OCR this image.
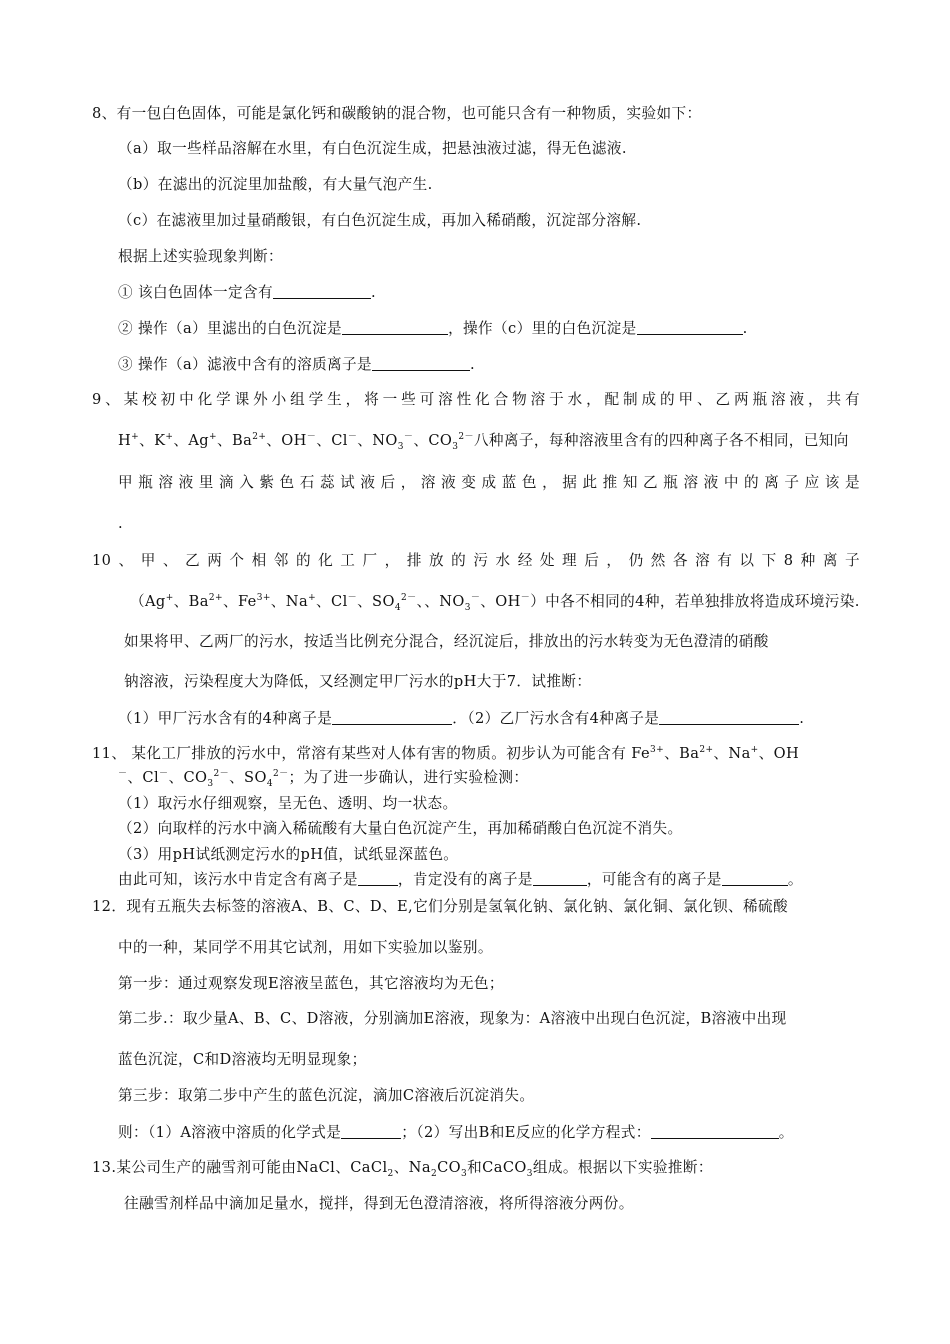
8、有一包白色固体，可能是氯化钙和碳酸钠的混合物，也可能只含有一种物质，实验如下：
（a）取一些样品溶解在水里，有白色沉淀生成，把悬浊液过滤，得无色滤液.
（b）在滤出的沉淀里加盐酸，有大量气泡产生.
（c）在滤液里加过量硝酸银，有白色沉淀生成，再加入稀硝酸，沉淀部分溶解.
根据上述实验现象判断：
① 该白色固体一定含有	.
② 操作（a）里滤出的白色沉淀是	，操作（c）里的白色沉淀是	.
③ 操作（a）滤液中含有的溶质离子是	.
9、某校初中化学课外小组学生，将一些可溶性化合物溶于水，配制成的甲、乙两瓶溶液，共有
H+、K+、Ag+、$Ba^{2+}$、OH－、Cl－、$NO_3^-$、$CO_3^{2-}$八种离子，每种溶液里含有的四种离子各不相同，已知向
甲瓶溶液里滴入紫色石蕊试液后，溶液变成蓝色，据此推知乙瓶溶液中的离子应该是
.
10、甲、乙两个相邻的化工厂，排放的污水经处理后，仍然各溶有以下8种离子
（Ag+、$Ba^{2+}$、$Fe^{3+}$、Na+、Cl－、$SO_4^{2-}$、、$NO_3^-$、OH－）中各不相同的4种，若单独排放将造成环境污染.
如果将甲、乙两厂的污水，按适当比例充分混合，经沉淀后，排放出的污水转变为无色澄清的硝酸
钠溶液，污染程度大为降低，又经测定甲厂污水的pH大于7．试推断：
（1）甲厂污水含有的4种离子是	．（2）乙厂污水含有4种离子是	.
11、 某化工厂排放的污水中，常溶有某些对人体有害的物质。初步认为可能含有 $Fe^{3+}$、$Ba^{2+}$、Na+、OH
－、Cl－、$CO_3^{2-}$、$SO_4^{2-}$；为了进一步确认，进行实验检测：
（1）取污水仔细观察，呈无色、透明、均一状态。
（2）向取样的污水中滴入稀硫酸有大量白色沉淀产生，再加稀硝酸白色沉淀不消失。
（3）用pH试纸测定污水的pH值，试纸显深蓝色。
由此可知，该污水中肯定含有离子是	，肯定没有的离子是	，可能含有的离子是	。
12．现有五瓶失去标签的溶液A、B、C、D、E,它们分别是氢氧化钠、氯化钠、氯化铜、氯化钡、稀硫酸
中的一种，某同学不用其它试剂，用如下实验加以鉴别。
第一步：通过观察发现E溶液呈蓝色，其它溶液均为无色；
第二步.：取少量A、B、C、D溶液，分别滴加E溶液，现象为：A溶液中出现白色沉淀，B溶液中出现
蓝色沉淀，C和D溶液均无明显现象；
第三步：取第二步中产生的蓝色沉淀，滴加C溶液后沉淀消失。
则：（1）A溶液中溶质的化学式是	；（2）写出B和E反应的化学方程式：	。
13.某公司生产的融雪剂可能由NaCl、CaCl$_2$、$Na_2CO_3$和CaCO$_3$组成。根据以下实验推断：
往融雪剂样品中滴加足量水，搅拌，得到无色澄清溶液，将所得溶液分两份。
